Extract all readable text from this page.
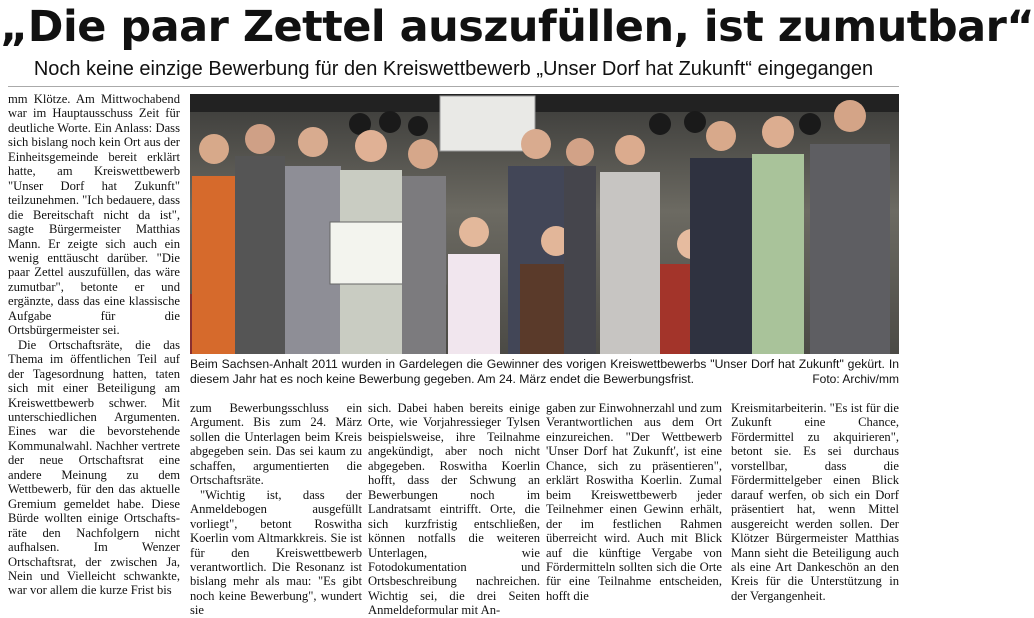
„Die paar Zettel auszufüllen, ist zumutbar“
Noch keine einzige Bewerbung für den Kreiswettbewerb „Unser Dorf hat Zukunft“ eingegangen

mm Klötze. Am Mittwochabend war im Hauptausschuss Zeit für deutliche Worte. Ein Anlass: Dass sich bislang noch kein Ort aus der Einheitsgemeinde bereit erklärt hatte, am Kreiswettbewerb "Unser Dorf hat Zukunft" teilzunehmen. "Ich bedauere, dass die Bereitschaft nicht da ist", sagte Bürgermeister Matthias Mann. Er zeigte sich auch ein wenig enttäuscht darüber. "Die paar Zettel auszufüllen, das wäre zumutbar", betonte er und ergänzte, dass das eine klassische Aufgabe für die Ortsbürgermeister sei.

Die Ortschaftsräte, die das Thema im öffentlichen Teil auf der Tagesordnung hatten, taten sich mit einer Beteiligung am Kreiswettbewerb schwer. Mit unterschiedlichen Argumenten. Eines war die bevorstehende Kommunalwahl. Nachher vertrete der neue Ortschaftsrat eine andere Meinung zu dem Wettbewerb, für den das aktuelle Gremium gemeldet habe. Diese Bürde wollten einige Ortschaftsräte den Nachfolgern nicht aufhalsen. Im Wenzer Ortschaftsrat, der zwischen Ja, Nein und Vielleicht schwankte, war vor allem die kurze Frist bis

Beim Sachsen-Anhalt 2011 wurden in Gardelegen die Gewinner des vorigen Kreiswettbewerbs "Unser Dorf hat Zukunft" gekürt. In diesem Jahr hat es noch keine Bewerbung gegeben. Am 24. März endet die Bewerbungsfrist.	Foto: Archiv/mm

zum Bewerbungsschluss ein Argument. Bis zum 24. März sollen die Unterlagen beim Kreis abgegeben sein. Das sei kaum zu schaffen, argumentierten die Ortschaftsräte.

"Wichtig ist, dass der Anmeldebogen ausgefüllt vorliegt", betont Roswitha Koerlin vom Altmarkkreis. Sie ist für den Kreiswettbewerb verantwortlich. Die Resonanz ist bislang mehr als mau: "Es gibt noch keine Bewerbung", wundert sie

sich. Dabei haben bereits einige Orte, wie Vorjahressieger Tylsen beispielsweise, ihre Teilnahme angekündigt, aber noch nicht abgegeben. Roswitha Koerlin hofft, dass der Schwung an Bewerbungen noch im Landratsamt eintrifft. Orte, die sich kurzfristig entschließen, können notfalls die weiteren Unterlagen, wie Fotodokumentation und Ortsbeschreibung nachreichen. Wichtig sei, die drei Seiten Anmeldeformular mit An-

gaben zur Einwohnerzahl und zum Verantwortlichen aus dem Ort einzureichen. "Der Wettbewerb 'Unser Dorf hat Zukunft', ist eine Chance, sich zu präsentieren", erklärt Roswitha Koerlin. Zumal beim Kreiswettbewerb jeder Teilnehmer einen Gewinn erhält, der im festlichen Rahmen überreicht wird. Auch mit Blick auf die künftige Vergabe von Fördermitteln sollten sich die Orte für eine Teilnahme entscheiden, hofft die

Kreismitarbeiterin. "Es ist für die Zukunft eine Chance, Fördermittel zu akquirieren", betont sie. Es sei durchaus vorstellbar, dass die Fördermittelgeber einen Blick darauf werfen, ob sich ein Dorf präsentiert hat, wenn Mittel ausgereicht werden sollen. Der Klötzer Bürgermeister Matthias Mann sieht die Beteiligung auch als eine Art Dankeschön an den Kreis für die Unterstützung in der Vergangenheit.
